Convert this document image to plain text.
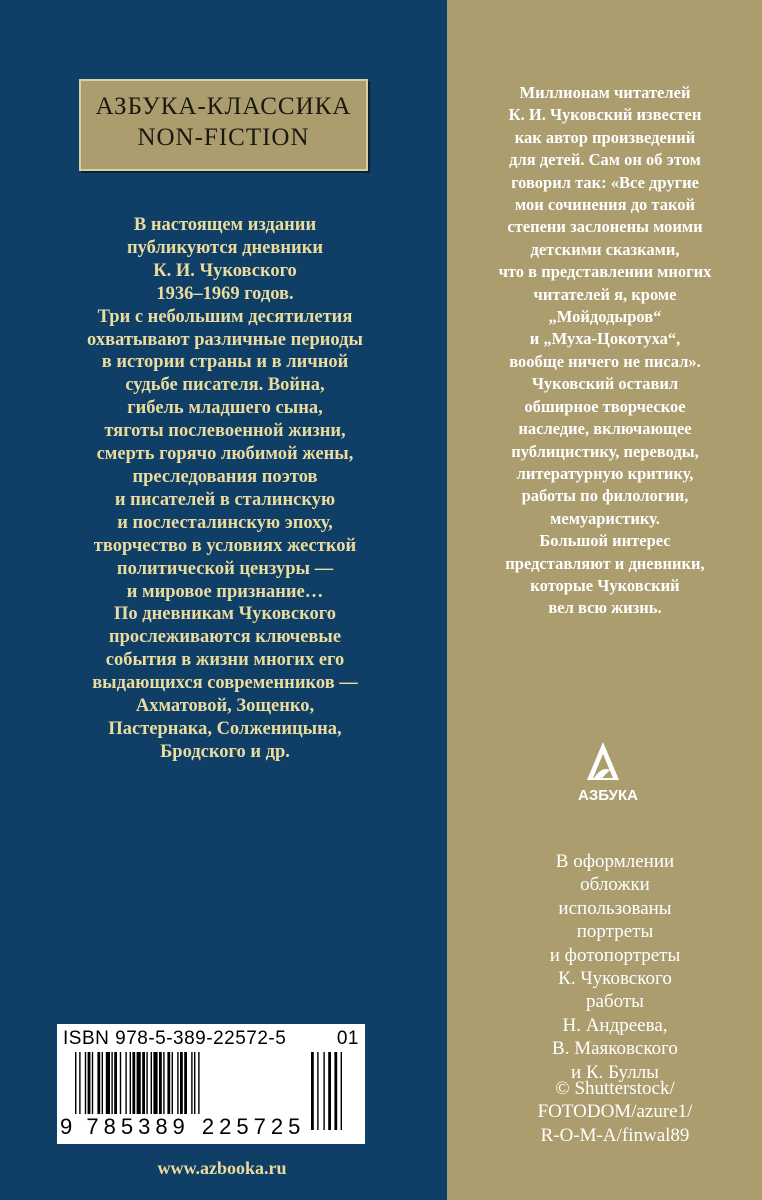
АЗБУКА-КЛАССИКА
NON-FICTION
В настоящем издании
публикуются дневники
К. И. Чуковского
1936–1969 годов.
Три с небольшим десятилетия
охватывают различные периоды
в истории страны и в личной
судьбе писателя. Война,
гибель младшего сына,
тяготы послевоенной жизни,
смерть горячо любимой жены,
преследования поэтов
и писателей в сталинскую
и послесталинскую эпоху,
творчество в условиях жесткой
политической цензуры —
и мировое признание…
По дневникам Чуковского
прослеживаются ключевые
события в жизни многих его
выдающихся современников —
Ахматовой, Зощенко,
Пастернака, Солженицына,
Бродского и др.
Миллионам читателей
К. И. Чуковский известен
как автор произведений
для детей. Сам он об этом
говорил так: «Все другие
мои сочинения до такой
степени заслонены моими
детскими сказками,
что в представлении многих
читателей я, кроме
„Мойдодыров“
и „Муха-Цокотуха“,
вообще ничего не писал».
Чуковский оставил
обширное творческое
наследие, включающее
публицистику, переводы,
литературную критику,
работы по филологии,
мемуаристику.
Большой интерес
представляют и дневники,
которые Чуковский
вел всю жизнь.
АЗБУКА
В оформлении
обложки
использованы
портреты
и фотопортреты
К. Чуковского
работы
Н. Андреева,
В. Маяковского
и К. Буллы
© Shutterstock/
FOTODOM/azure1/
R-O-M-A/finwal89
ISBN 978-5-389-22572-5	01
9 785389 225725
www.azbooka.ru
